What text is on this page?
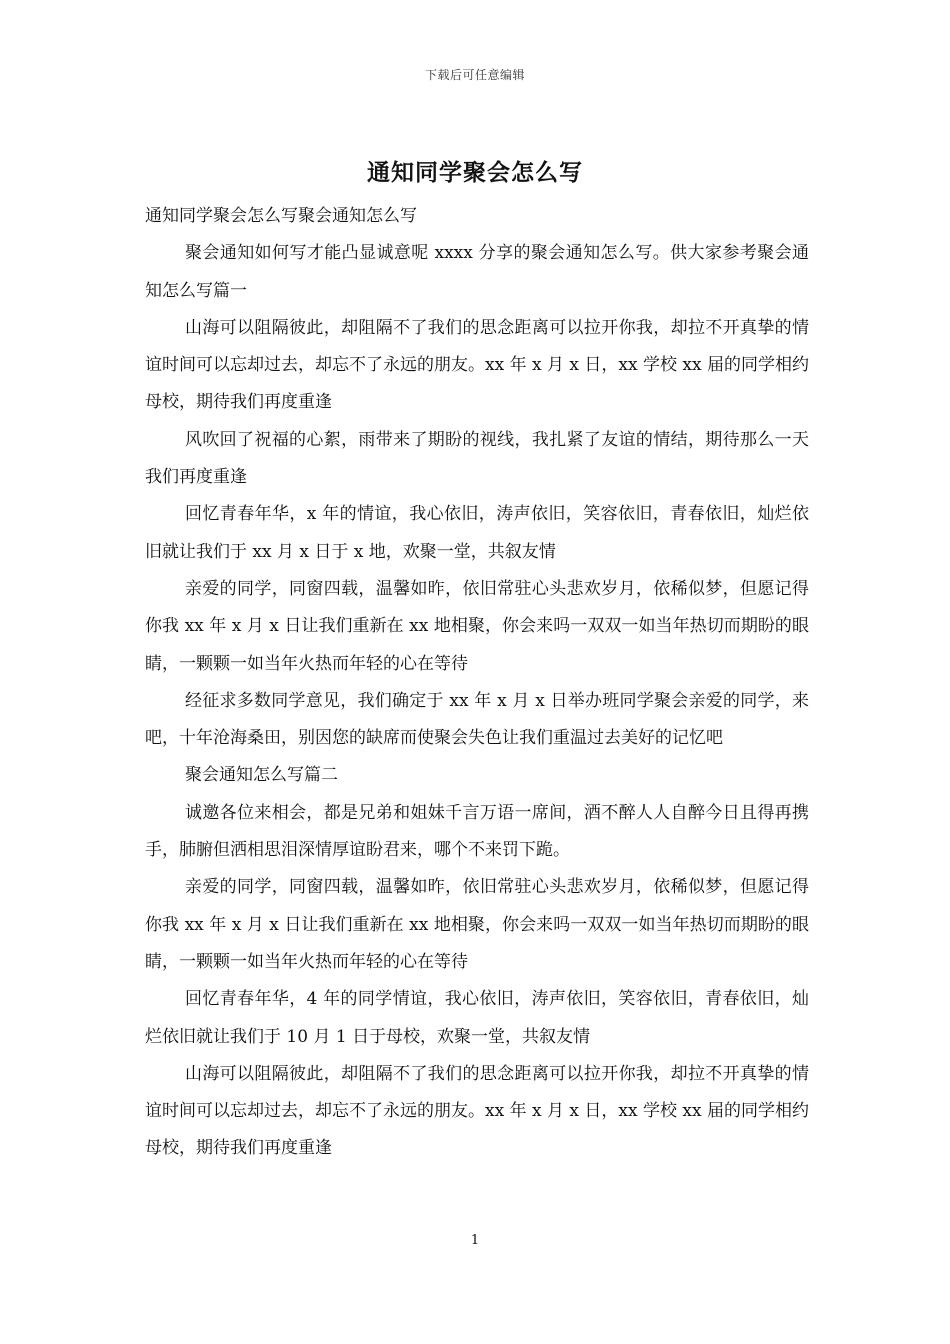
下载后可任意编辑
通知同学聚会怎么写

通知同学聚会怎么写聚会通知怎么写

聚会通知如何写才能凸显诚意呢 xxxx 分享的聚会通知怎么写。供大家参考聚会通知怎么写篇一

山海可以阻隔彼此，却阻隔不了我们的思念距离可以拉开你我，却拉不开真挚的情谊时间可以忘却过去，却忘不了永远的朋友。xx 年 x 月 x 日，xx 学校 xx 届的同学相约母校，期待我们再度重逢

风吹回了祝福的心絮，雨带来了期盼的视线，我扎紧了友谊的情结，期待那么一天我们再度重逢

回忆青春年华，x 年的情谊，我心依旧，涛声依旧，笑容依旧，青春依旧，灿烂依旧就让我们于 xx 月 x 日于 x 地，欢聚一堂，共叙友情

亲爱的同学，同窗四载，温馨如昨，依旧常驻心头悲欢岁月，依稀似梦，但愿记得你我 xx 年 x 月 x 日让我们重新在 xx 地相聚，你会来吗一双双一如当年热切而期盼的眼睛，一颗颗一如当年火热而年轻的心在等待

经征求多数同学意见，我们确定于 xx 年 x 月 x 日举办班同学聚会亲爱的同学，来吧，十年沧海桑田，别因您的缺席而使聚会失色让我们重温过去美好的记忆吧

聚会通知怎么写篇二

诚邀各位来相会，都是兄弟和姐妹千言万语一席间，酒不醉人人自醉今日且得再携手，肺腑但洒相思泪深情厚谊盼君来，哪个不来罚下跪。

亲爱的同学，同窗四载，温馨如昨，依旧常驻心头悲欢岁月，依稀似梦，但愿记得你我 xx 年 x 月 x 日让我们重新在 xx 地相聚，你会来吗一双双一如当年热切而期盼的眼睛，一颗颗一如当年火热而年轻的心在等待

回忆青春年华，4 年的同学情谊，我心依旧，涛声依旧，笑容依旧，青春依旧，灿烂依旧就让我们于 10 月 1 日于母校，欢聚一堂，共叙友情

山海可以阻隔彼此，却阻隔不了我们的思念距离可以拉开你我，却拉不开真挚的情谊时间可以忘却过去，却忘不了永远的朋友。xx 年 x 月 x 日，xx 学校 xx 届的同学相约母校，期待我们再度重逢

1
